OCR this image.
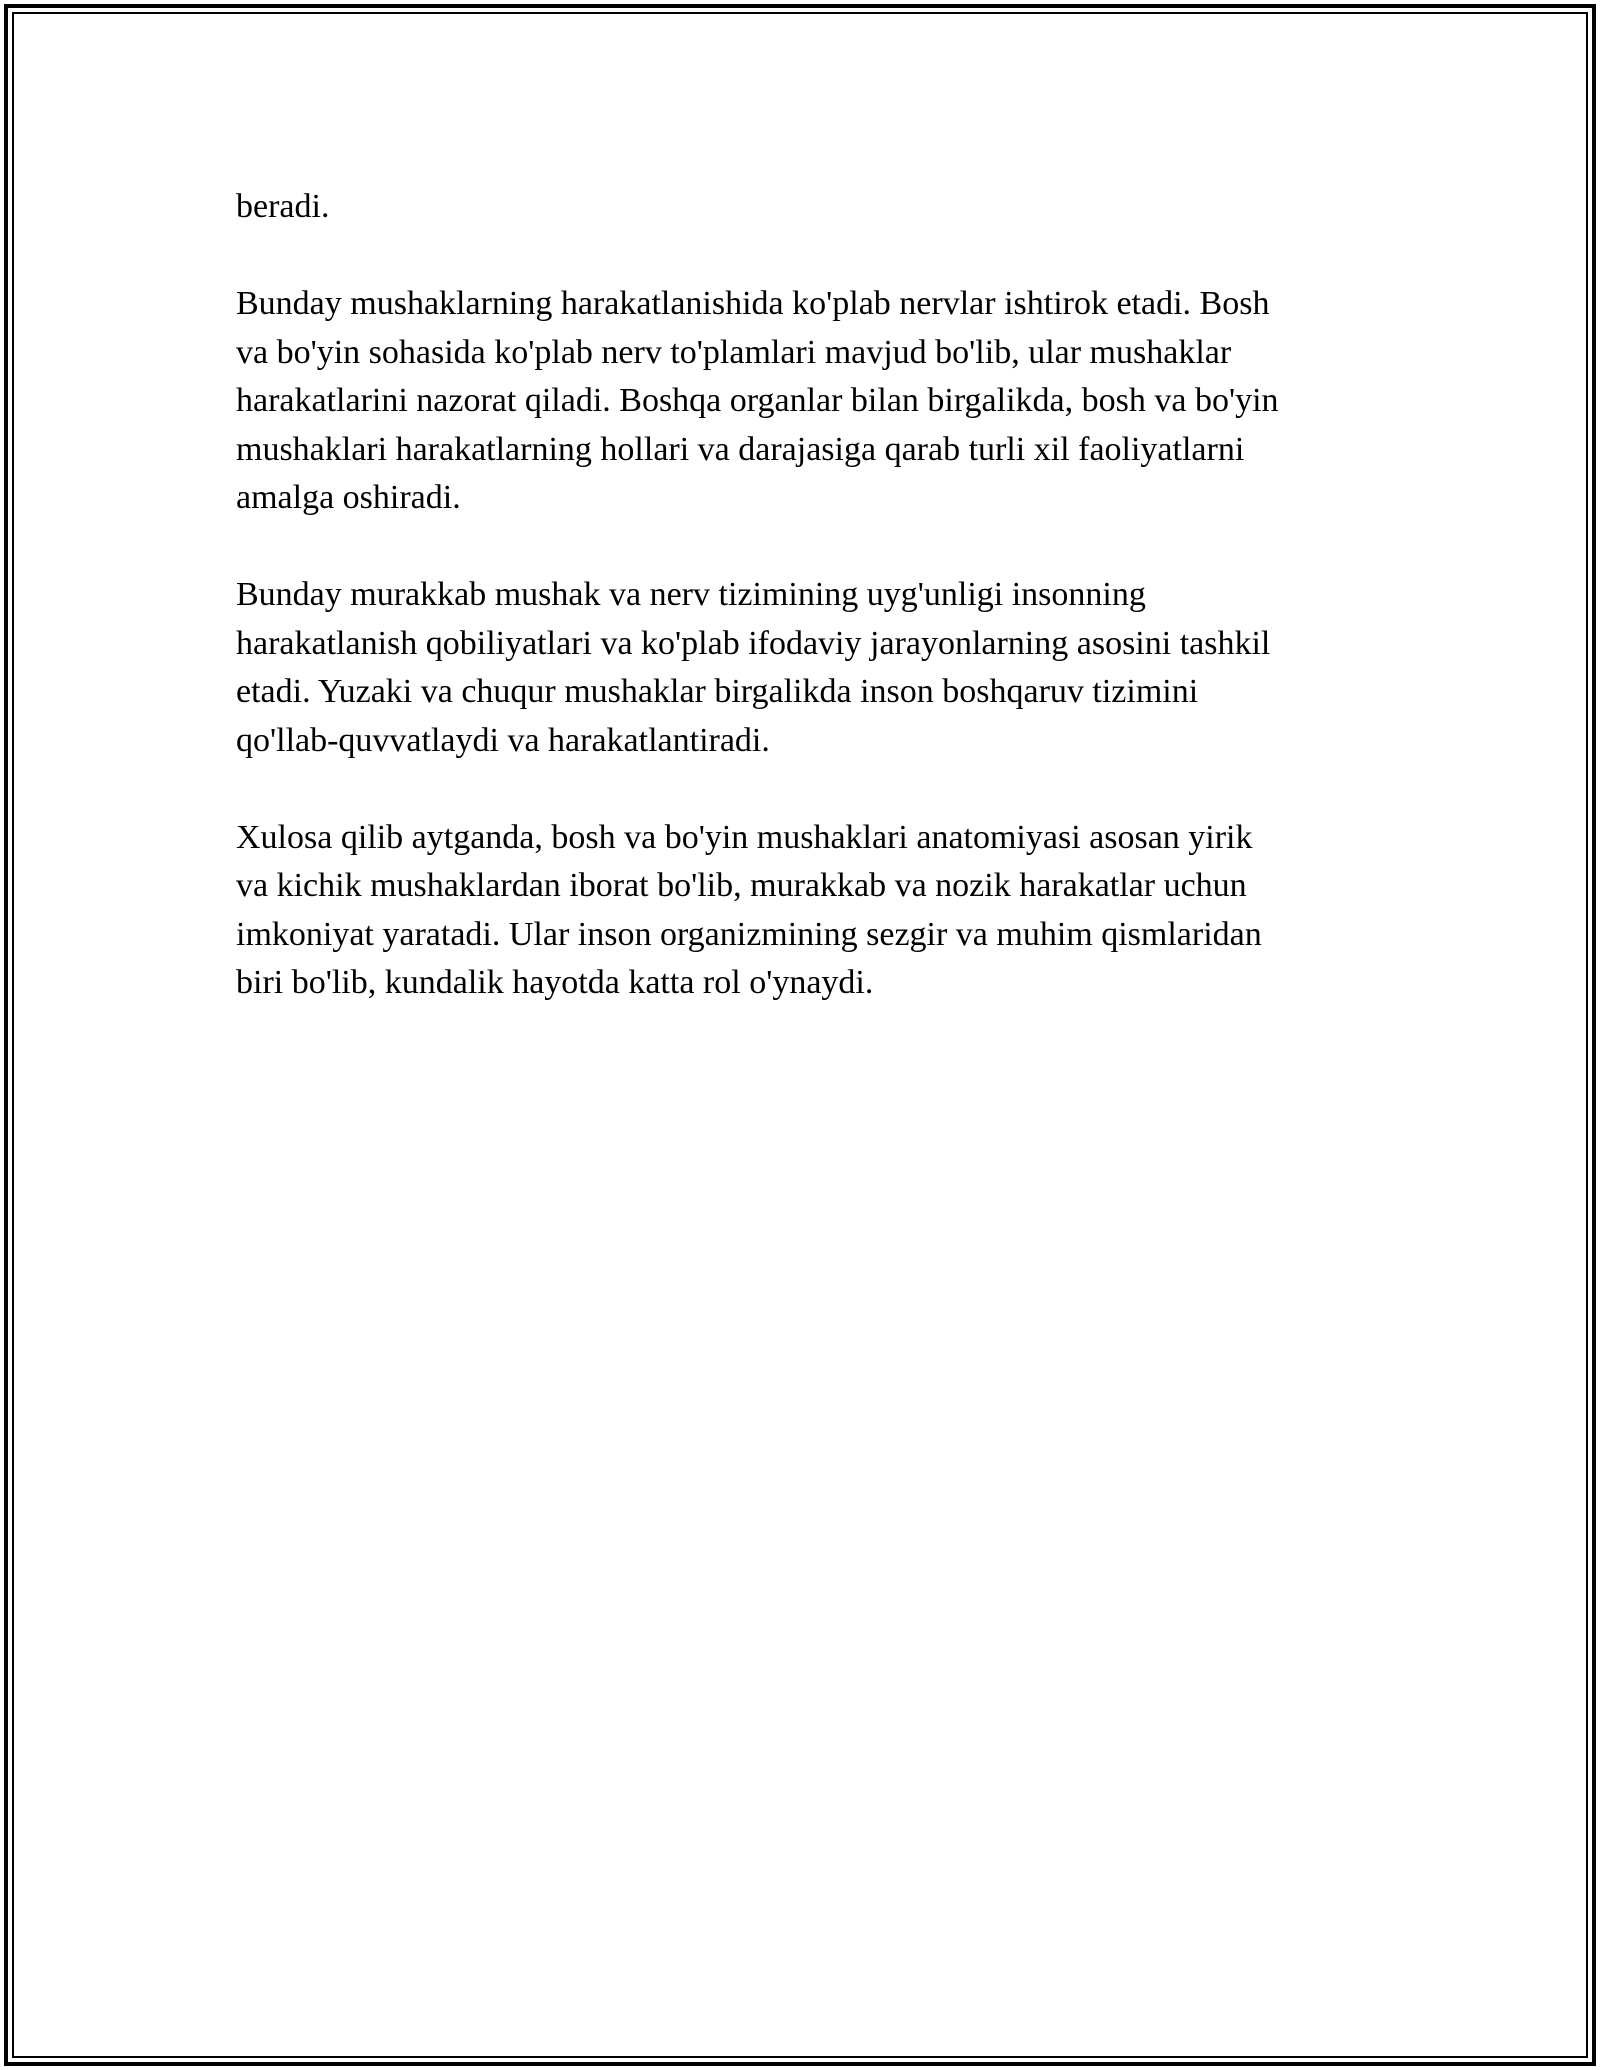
beradi.

Bunday mushaklarning harakatlanishida ko'plab nervlar ishtirok etadi. Bosh
va bo'yin sohasida ko'plab nerv to'plamlari mavjud bo'lib, ular mushaklar
harakatlarini nazorat qiladi. Boshqa organlar bilan birgalikda, bosh va bo'yin
mushaklari harakatlarning hollari va darajasiga qarab turli xil faoliyatlarni
amalga oshiradi.

Bunday murakkab mushak va nerv tizimining uyg'unligi insonning
harakatlanish qobiliyatlari va ko'plab ifodaviy jarayonlarning asosini tashkil
etadi. Yuzaki va chuqur mushaklar birgalikda inson boshqaruv tizimini
qo'llab-quvvatlaydi va harakatlantiradi.

Xulosa qilib aytganda, bosh va bo'yin mushaklari anatomiyasi asosan yirik
va kichik mushaklardan iborat bo'lib, murakkab va nozik harakatlar uchun
imkoniyat yaratadi. Ular inson organizmining sezgir va muhim qismlaridan
biri bo'lib, kundalik hayotda katta rol o'ynaydi.
